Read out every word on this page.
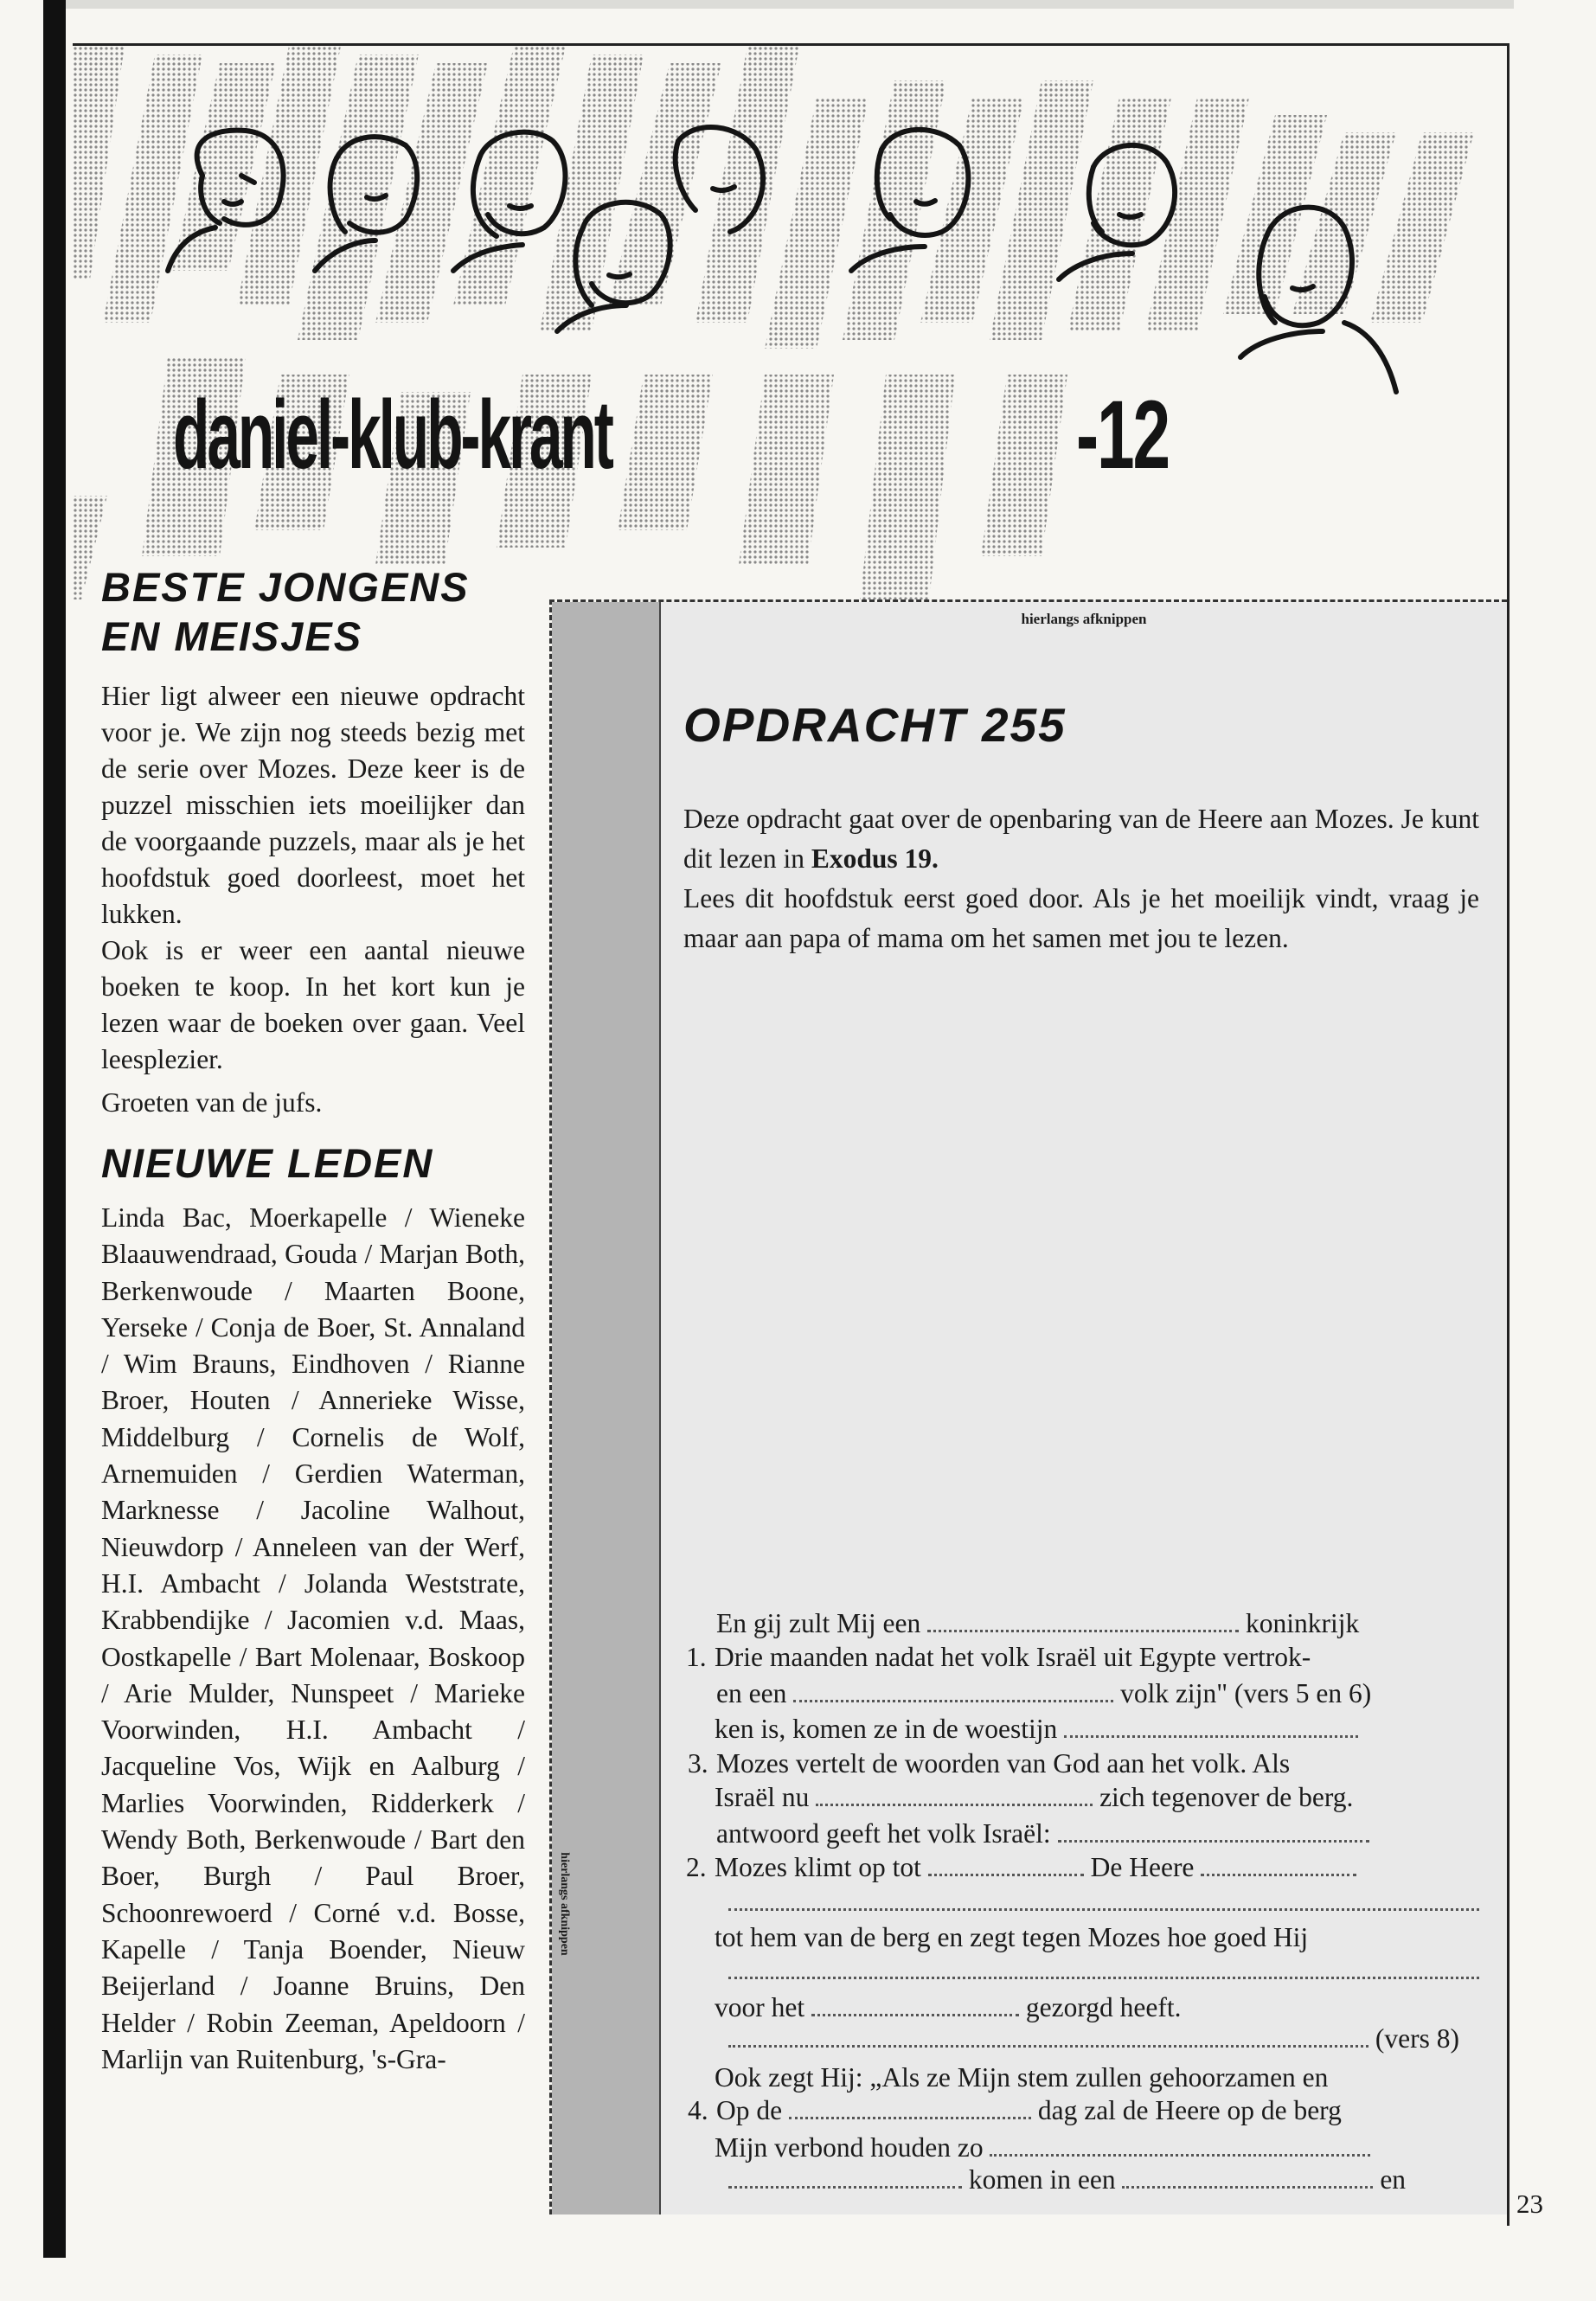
daniel-klub-krant	-12
BESTE JONGENS
EN MEISJES

Hier ligt alweer een nieuwe opdracht voor je. We zijn nog steeds bezig met de serie over Mozes. Deze keer is de puzzel misschien iets moeilijker dan de voorgaande puzzels, maar als je het hoofdstuk goed doorleest, moet het lukken.

Ook is er weer een aantal nieuwe boeken te koop. In het kort kun je lezen waar de boeken over gaan. Veel leesplezier.

Groeten van de jufs.

NIEUWE LEDEN

Linda Bac, Moerkapelle / Wieneke Blaauwendraad, Gouda / Marjan Both, Berkenwoude / Maarten Boone, Yerseke / Conja de Boer, St. Annaland / Wim Brauns, Eindhoven / Rianne Broer, Houten / Annerieke Wisse, Middelburg / Cornelis de Wolf, Arnemuiden / Gerdien Waterman, Marknesse / Jacoline Walhout, Nieuwdorp / Anneleen van der Werf, H.I. Ambacht / Jolanda Weststrate, Krabbendijke / Jacomien v.d. Maas, Oostkapelle / Bart Molenaar, Boskoop / Arie Mulder, Nunspeet / Marieke Voorwinden, H.I. Ambacht / Jacqueline Vos, Wijk en Aalburg / Marlies Voorwinden, Ridderkerk / Wendy Both, Berkenwoude / Bart den Boer, Burgh / Paul Broer, Schoonrewoerd / Corné v.d. Bosse, Kapelle / Tanja Boender, Nieuw Beijerland / Joanne Bruins, Den Helder / Robin Zeeman, Apeldoorn / Marlijn van Ruitenburg, 's-Gra-

hierlangs afknippen
hierlangs afknippen
OPDRACHT 255

Deze opdracht gaat over de openbaring van de Heere aan Mozes. Je kunt dit lezen in Exodus 19.

Lees dit hoofdstuk eerst goed door. Als je het moeilijk vindt, vraag je maar aan papa of mama om het samen met jou te lezen.

1. Drie maanden nadat het volk Israël uit Egypte vertrok-
ken is, komen ze in de woestijn
Israël nu	zich tegenover de berg.
2. Mozes klimt op tot	De Heere
tot hem van de berg en zegt tegen Mozes hoe goed Hij
voor het	gezorgd heeft.
Ook zegt Hij: „Als ze Mijn stem zullen gehoorzamen en
Mijn verbond houden zo
En gij zult Mij een	koninkrijk
en een	volk zijn" (vers 5 en 6)
3. Mozes vertelt de woorden van God aan het volk. Als
antwoord geeft het volk Israël:
(vers 8)
4. Op de	dag zal de Heere op de berg
komen in een	en
23
